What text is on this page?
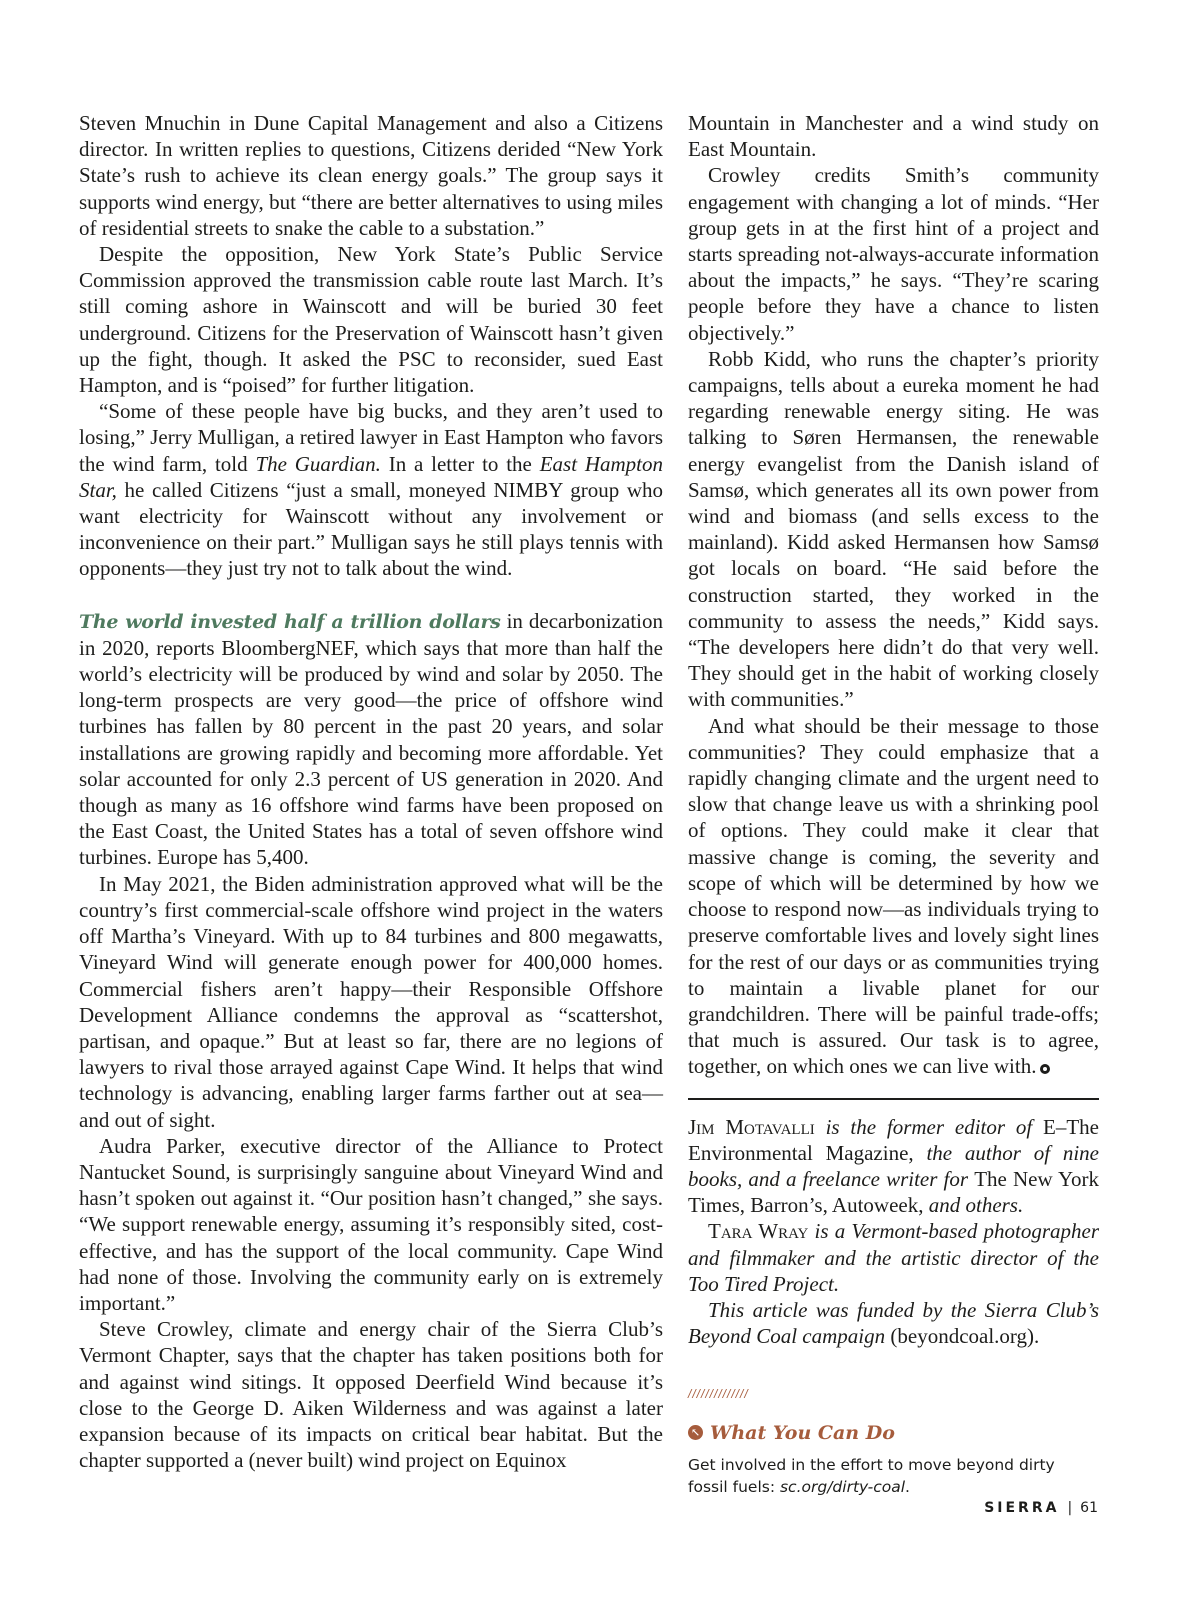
Steven Mnuchin in Dune Capital Management and also a Citizens director. In written replies to questions, Citizens derided “New York State’s rush to achieve its clean energy goals.” The group says it supports wind energy, but “there are better alternatives to using miles of residential streets to snake the cable to a substation.”

Despite the opposition, New York State’s Public Service Commission approved the transmission cable route last March. It’s still coming ashore in Wainscott and will be buried 30 feet underground. Citizens for the Preservation of Wainscott hasn’t given up the fight, though. It asked the PSC to reconsider, sued East Hampton, and is “poised” for further litigation.

“Some of these people have big bucks, and they aren’t used to losing,” Jerry Mulligan, a retired lawyer in East Hampton who favors the wind farm, told The Guardian. In a letter to the East Hampton Star, he called Citizens “just a small, moneyed NIMBY group who want electricity for Wainscott without any involvement or inconvenience on their part.” Mulligan says he still plays tennis with opponents—they just try not to talk about the wind.

The world invested half a trillion dollars in decarbonization in 2020, reports BloombergNEF, which says that more than half the world’s electricity will be produced by wind and solar by 2050. The long-term prospects are very good—the price of offshore wind turbines has fallen by 80 percent in the past 20 years, and solar installations are growing rapidly and becoming more affordable. Yet solar accounted for only 2.3 percent of US generation in 2020. And though as many as 16 offshore wind farms have been proposed on the East Coast, the United States has a total of seven offshore wind turbines. Europe has 5,400.

In May 2021, the Biden administration approved what will be the country’s first commercial-scale offshore wind project in the waters off Martha’s Vineyard. With up to 84 turbines and 800 megawatts, Vineyard Wind will generate enough power for 400,000 homes. Commercial fishers aren’t happy—their Responsible Offshore Development Alliance condemns the approval as “scattershot, partisan, and opaque.” But at least so far, there are no legions of lawyers to rival those arrayed against Cape Wind. It helps that wind technology is advancing, enabling larger farms farther out at sea—and out of sight.

Audra Parker, executive director of the Alliance to Protect Nantucket Sound, is surprisingly sanguine about Vineyard Wind and hasn’t spoken out against it. “Our position hasn’t changed,” she says. “We support renewable energy, assuming it’s responsibly sited, cost-effective, and has the support of the local community. Cape Wind had none of those. Involving the community early on is extremely important.”

Steve Crowley, climate and energy chair of the Sierra Club’s Vermont Chapter, says that the chapter has taken positions both for and against wind sitings. It opposed Deerfield Wind because it’s close to the George D. Aiken Wilderness and was against a later expansion because of its impacts on critical bear habitat. But the chapter supported a (never built) wind project on Equinox

Mountain in Manchester and a wind study on East Mountain.

Crowley credits Smith’s community engagement with changing a lot of minds. “Her group gets in at the first hint of a project and starts spreading not-always-accurate information about the impacts,” he says. “They’re scaring people before they have a chance to listen objectively.”

Robb Kidd, who runs the chapter’s priority campaigns, tells about a eureka moment he had regarding renewable energy siting. He was talking to Søren Hermansen, the renewable energy evangelist from the Danish island of Samsø, which generates all its own power from wind and biomass (and sells excess to the mainland). Kidd asked Hermansen how Samsø got locals on board. “He said before the construction started, they worked in the community to assess the needs,” Kidd says. “The developers here didn’t do that very well. They should get in the habit of working closely with communities.”

And what should be their message to those communities? They could emphasize that a rapidly changing climate and the urgent need to slow that change leave us with a shrinking pool of options. They could make it clear that massive change is coming, the severity and scope of which will be determined by how we choose to respond now—as individuals trying to preserve comfortable lives and lovely sight lines for the rest of our days or as communities trying to maintain a livable planet for our grandchildren. There will be painful trade-offs; that much is assured. Our task is to agree, together, on which ones we can live with.

Jim Motavalli is the former editor of E–The Environmental Magazine, the author of nine books, and a freelance writer for The New York Times, Barron’s, Autoweek, and others.

Tara Wray is a Vermont-based photographer and filmmaker and the artistic director of the Too Tired Project.

This article was funded by the Sierra Club’s Beyond Coal campaign (beyondcoal.org).

//////////////
↖ What You Can Do
Get involved in the effort to move beyond dirty fossil fuels: sc.org/dirty-coal.
SIERRA | 61
